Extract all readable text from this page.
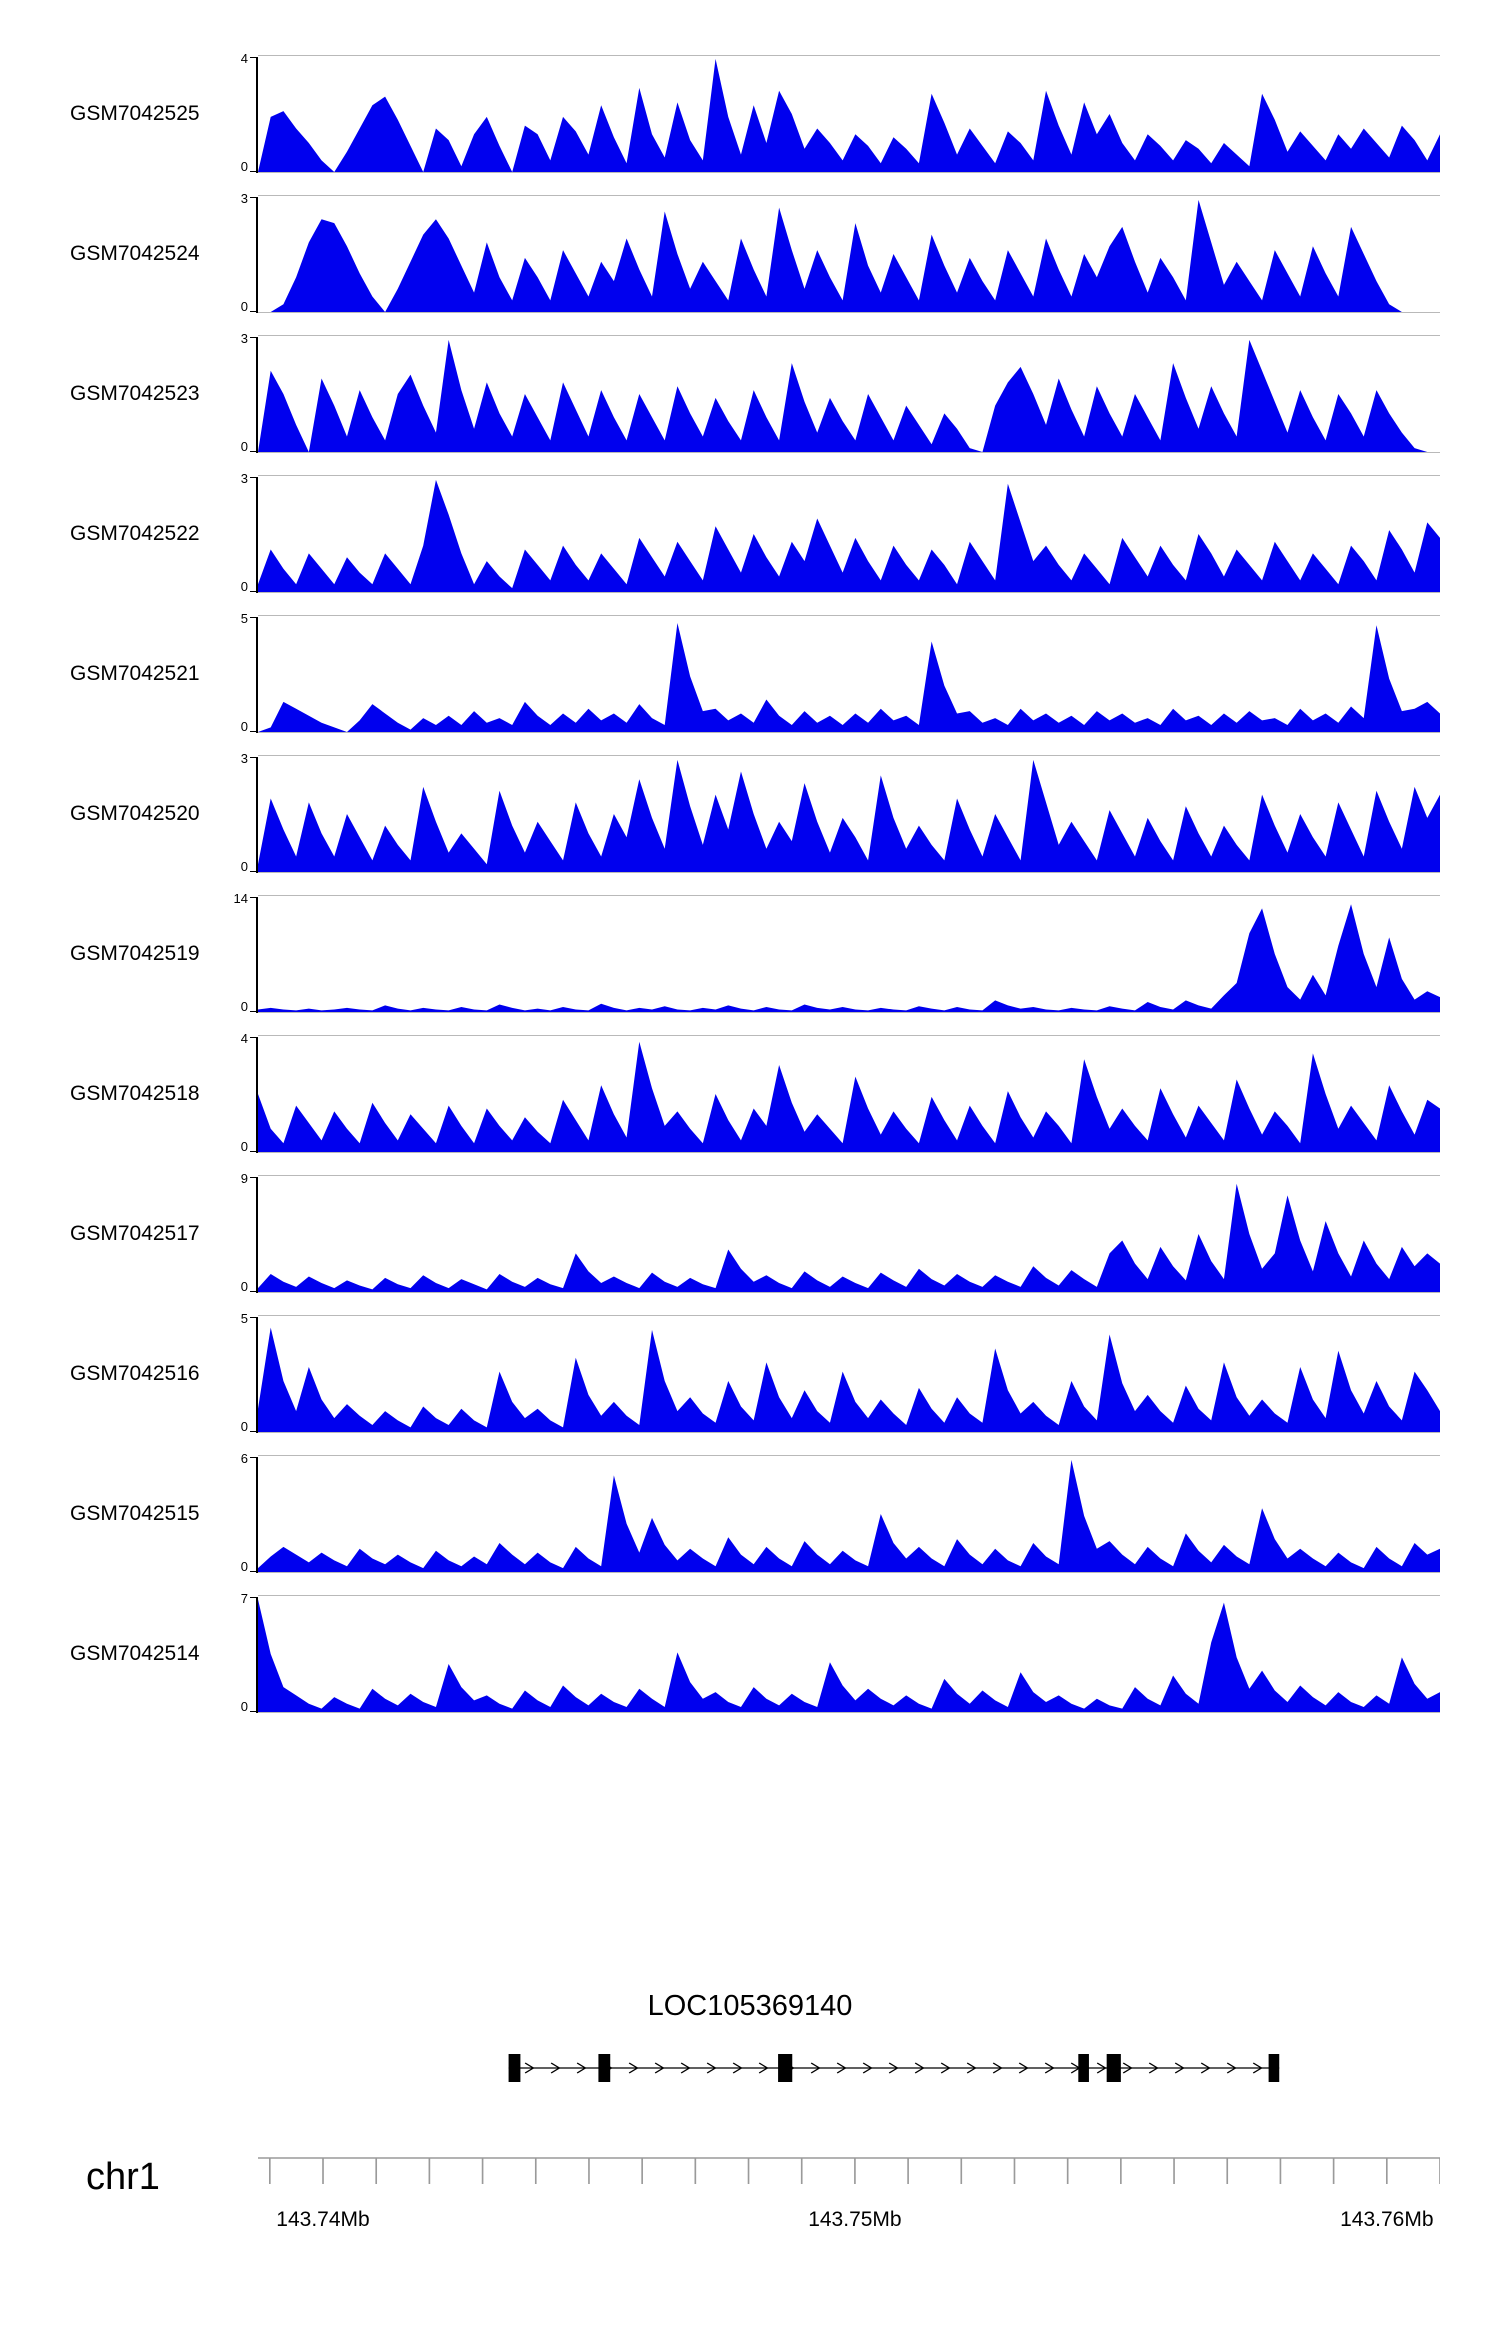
GSM7042525
4
0
GSM7042524
3
0
GSM7042523
3
0
GSM7042522
3
0
GSM7042521
5
0
GSM7042520
3
0
GSM7042519
14
0
GSM7042518
4
0
GSM7042517
9
0
GSM7042516
5
0
GSM7042515
6
0
GSM7042514
7
0
LOC105369140
chr1
143.74Mb	143.75Mb	143.76Mb
